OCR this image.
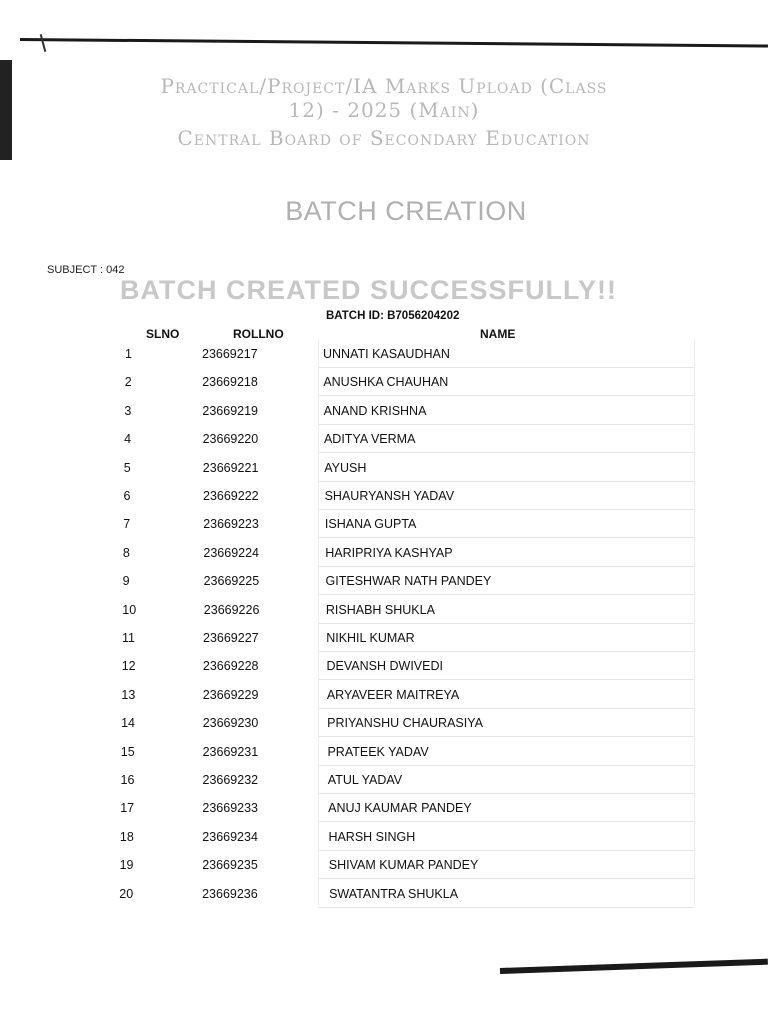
Practical/Project/IA Marks Upload (Class
12) - 2025 (Main)
Central Board of Secondary Education
BATCH CREATION
SUBJECT : 042
BATCH CREATED SUCCESSFULLY!!
BATCH ID: B7056204202
SLNO	ROLLNO	NAME
1	23669217	UNNATI KASAUDHAN
2	23669218	ANUSHKA CHAUHAN
3	23669219	ANAND KRISHNA
4	23669220	ADITYA VERMA
5	23669221	AYUSH
6	23669222	SHAURYANSH YADAV
7	23669223	ISHANA GUPTA
8	23669224	HARIPRIYA KASHYAP
9	23669225	GITESHWAR NATH PANDEY
10	23669226	RISHABH SHUKLA
11	23669227	NIKHIL KUMAR
12	23669228	DEVANSH DWIVEDI
13	23669229	ARYAVEER MAITREYA
14	23669230	PRIYANSHU CHAURASIYA
15	23669231	PRATEEK YADAV
16	23669232	ATUL YADAV
17	23669233	ANUJ KAUMAR PANDEY
18	23669234	HARSH SINGH
19	23669235	SHIVAM KUMAR PANDEY
20	23669236	SWATANTRA SHUKLA
